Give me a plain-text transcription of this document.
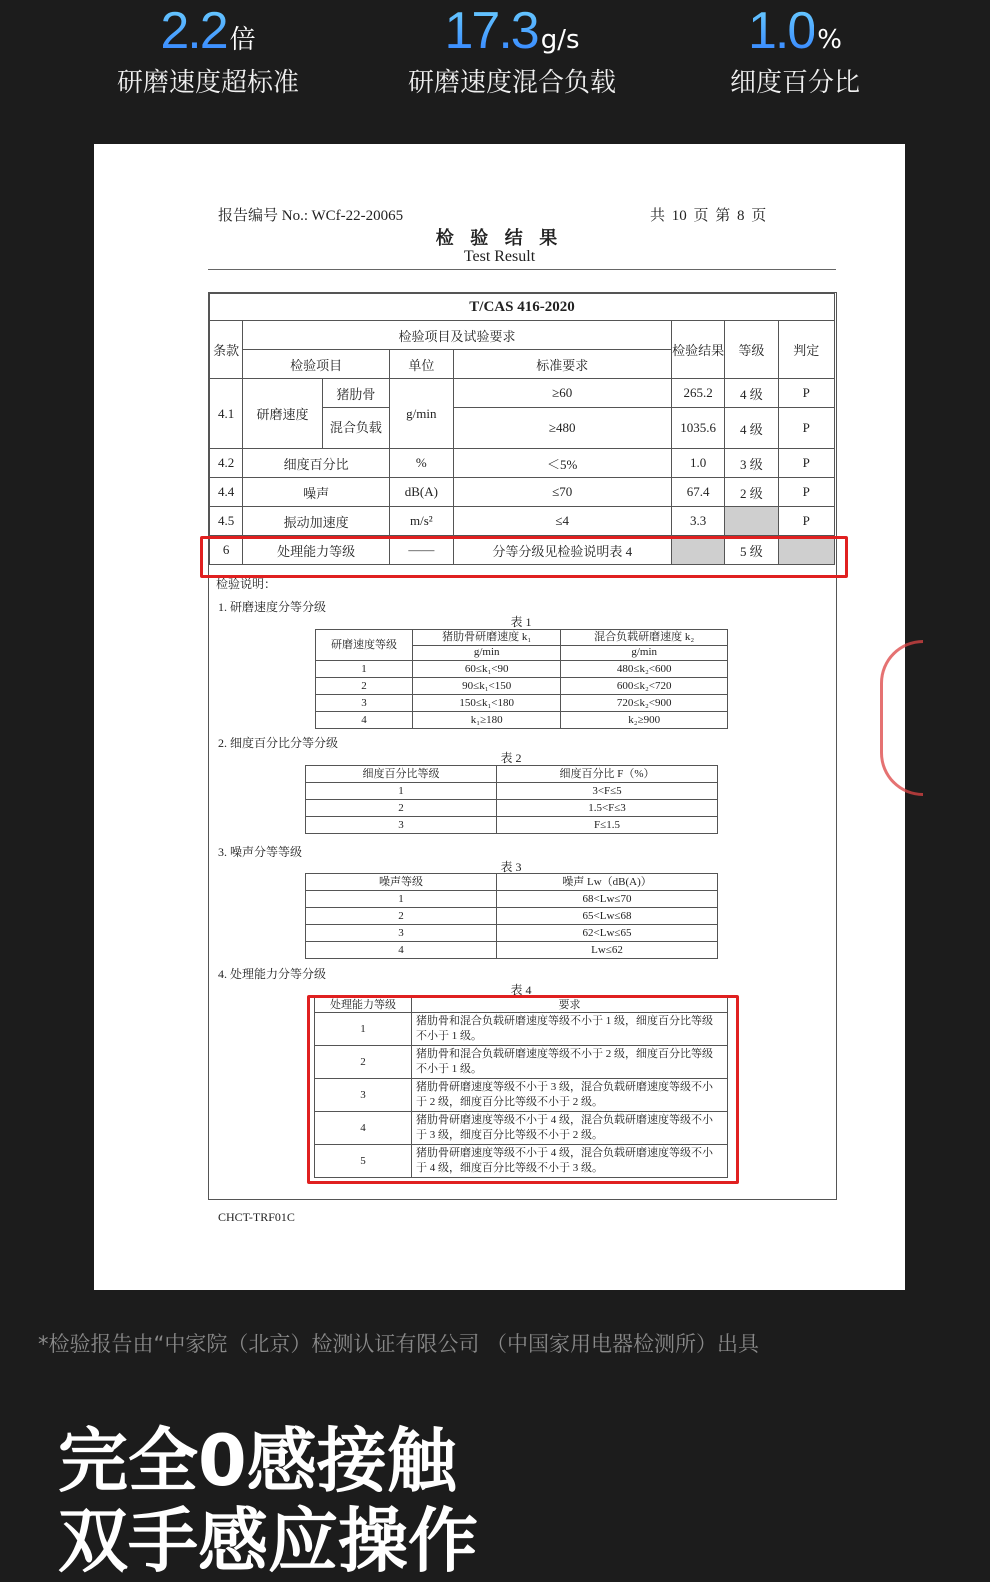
2.2 倍
研磨速度超标准
17.3 g/s
研磨速度混合负载
1.0 %
细度百分比
报告编号 No.: WCf-22-20065	共 10 页 第 8 页
检 验 结 果
Test Result
T/CAS 416-2020							
条款	检验项目及试验要求				检验结果	等级	判定
	检验项目		单位	标准要求			
4.1	研磨速度	猪肋骨	g/min	≥60	265.2	4 级	P
		混合负载		≥480	1035.6	4 级	P
4.2	细度百分比		%	＜5%	1.0	3 级	P
4.4	噪声		dB(A)	≤70	67.4	2 级	P
4.5	振动加速度		m/s²	≤4	3.3		P
6	处理能力等级		——	分等分级见检验说明表 4		5 级	
检验说明：
1. 研磨速度分等分级
表 1
研磨速度等级	猪肋骨研磨速度 k₁	混合负载研磨速度 k₂
	g/min	g/min
1	60≤k₁<90	480≤k₂<600
2	90≤k₁<150	600≤k₂<720
3	150≤k₁<180	720≤k₂<900
4	k₁≥180	k₂≥900
2. 细度百分比分等分级
表 2
细度百分比等级	细度百分比 F（%）
1	3<F≤5
2	1.5<F≤3
3	F≤1.5
3. 噪声分等等级
表 3
噪声等级	噪声 Lw（dB(A)）
1	68<Lw≤70
2	65<Lw≤68
3	62<Lw≤65
4	Lw≤62
4. 处理能力分等分级
表 4
处理能力等级	要求
1	猪肋骨和混合负载研磨速度等级不小于 1 级，细度百分比等级不小于 1 级。
2	猪肋骨和混合负载研磨速度等级不小于 2 级，细度百分比等级不小于 1 级。
3	猪肋骨研磨速度等级不小于 3 级，混合负载研磨速度等级不小于 2 级，细度百分比等级不小于 2 级。
4	猪肋骨研磨速度等级不小于 4 级，混合负载研磨速度等级不小于 3 级，细度百分比等级不小于 2 级。
5	猪肋骨研磨速度等级不小于 4 级，混合负载研磨速度等级不小于 4 级，细度百分比等级不小于 3 级。
CHCT-TRF01C
*检验报告由“中家院（北京）检测认证有限公司 （中国家用电器检测所）出具
完全0感接触
双手感应操作
